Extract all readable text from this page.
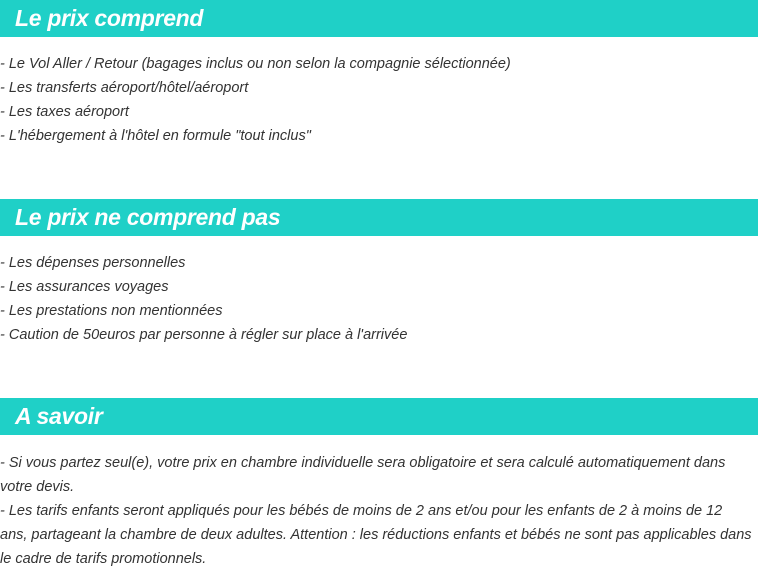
Le prix comprend
- Le Vol Aller / Retour (bagages inclus ou non selon la compagnie sélectionnée)
- Les transferts aéroport/hôtel/aéroport
- Les taxes aéroport
- L'hébergement à l'hôtel en formule "tout inclus"
Le prix ne comprend pas
- Les dépenses personnelles
- Les assurances voyages
- Les prestations non mentionnées
- Caution de 50euros par personne à régler sur place à l'arrivée
A savoir

- Si vous partez seul(e), votre prix en chambre individuelle sera obligatoire et sera calculé automatiquement dans votre devis.

- Les tarifs enfants seront appliqués pour les bébés de moins de 2 ans et/ou pour les enfants de 2 à moins de 12 ans, partageant la chambre de deux adultes. Attention : les réductions enfants et bébés ne sont pas applicables dans le cadre de tarifs promotionnels.
